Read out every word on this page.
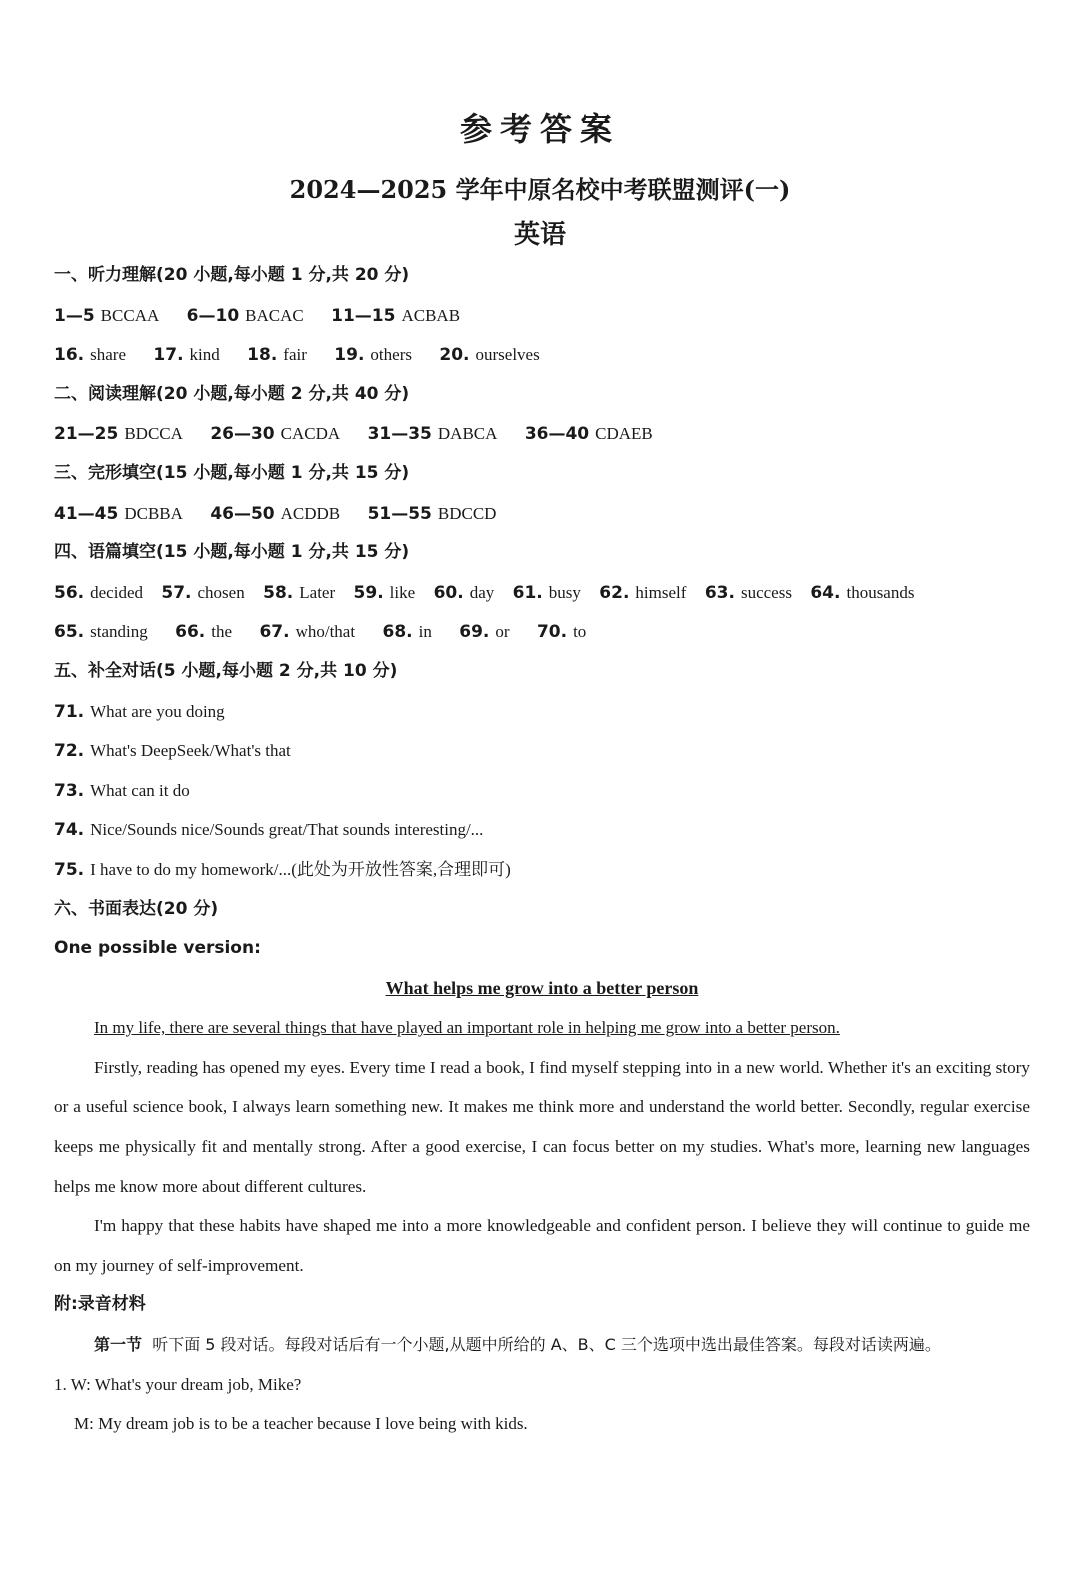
参考答案
2024—2025 学年中原名校中考联盟测评(一)
英语
一、听力理解(20 小题,每小题 1 分,共 20 分)
1—5 BCCAA 6—10 BACAC 11—15 ACBAB
16. share 17. kind 18. fair 19. others 20. ourselves
二、阅读理解(20 小题,每小题 2 分,共 40 分)
21—25 BDCCA 26—30 CACDA 31—35 DABCA 36—40 CDAEB
三、完形填空(15 小题,每小题 1 分,共 15 分)
41—45 DCBBA 46—50 ACDDB 51—55 BDCCD
四、语篇填空(15 小题,每小题 1 分,共 15 分)
56. decided 57. chosen 58. Later 59. like 60. day 61. busy 62. himself 63. success 64. thousands
65. standing 66. the 67. who/that 68. in 69. or 70. to
五、补全对话(5 小题,每小题 2 分,共 10 分)
71. What are you doing
72. What's DeepSeek/What's that
73. What can it do
74. Nice/Sounds nice/Sounds great/That sounds interesting/...
75. I have to do my homework/...(此处为开放性答案,合理即可)
六、书面表达(20 分)
One possible version:
What helps me grow into a better person
In my life, there are several things that have played an important role in helping me grow into a better person.

Firstly, reading has opened my eyes. Every time I read a book, I find myself stepping into in a new world. Whether it's an exciting story or a useful science book, I always learn something new. It makes me think more and understand the world better. Secondly, regular exercise keeps me physically fit and mentally strong. After a good exercise, I can focus better on my studies. What's more, learning new languages helps me know more about different cultures.

I'm happy that these habits have shaped me into a more knowledgeable and confident person. I believe they will continue to guide me on my journey of self-improvement.

附:录音材料

第一节 听下面 5 段对话。每段对话后有一个小题,从题中所给的 A、B、C 三个选项中选出最佳答案。每段对话读两遍。

1. W: What's your dream job, Mike?
M: My dream job is to be a teacher because I love being with kids.
